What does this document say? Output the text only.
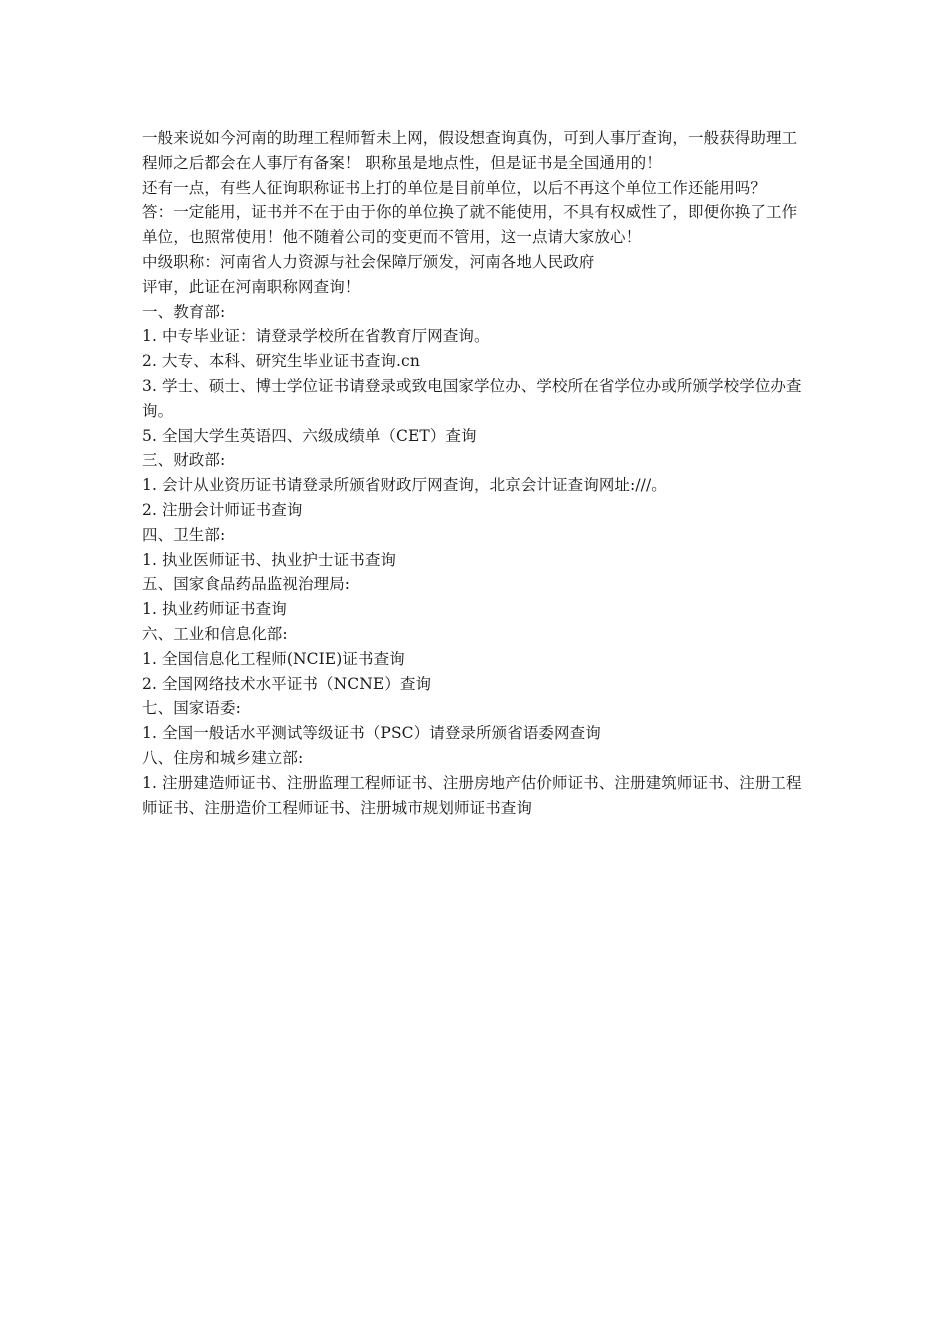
一般来说如今河南的助理工程师暂未上网，假设想查询真伪，可到人事厅查询，一般获得助理工程师之后都会在人事厅有备案！ 职称虽是地点性，但是证书是全国通用的！

还有一点，有些人征询职称证书上打的单位是目前单位，以后不再这个单位工作还能用吗？

答：一定能用，证书并不在于由于你的单位换了就不能使用，不具有权威性了，即便你换了工作单位，也照常使用！他不随着公司的变更而不管用，这一点请大家放心！

中级职称：河南省人力资源与社会保障厅颁发，河南各地人民政府

评审，此证在河南职称网查询！

一、教育部:

1. 中专毕业证：请登录学校所在省教育厅网查询。

2. 大专、本科、研究生毕业证书查询.cn

3. 学士、硕士、博士学位证书请登录或致电国家学位办、学校所在省学位办或所颁学校学位办查询。

5. 全国大学生英语四、六级成绩单（CET）查询

三、财政部:

1. 会计从业资历证书请登录所颁省财政厅网查询，北京会计证查询网址:///。

2. 注册会计师证书查询

四、卫生部:

1. 执业医师证书、执业护士证书查询

五、国家食品药品监视治理局:

1. 执业药师证书查询

六、工业和信息化部:

1. 全国信息化工程师(NCIE)证书查询

2. 全国网络技术水平证书（NCNE）查询

七、国家语委:

1. 全国一般话水平测试等级证书（PSC）请登录所颁省语委网查询

八、住房和城乡建立部:

1. 注册建造师证书、注册监理工程师证书、注册房地产估价师证书、注册建筑师证书、注册工程师证书、注册造价工程师证书、注册城市规划师证书查询
